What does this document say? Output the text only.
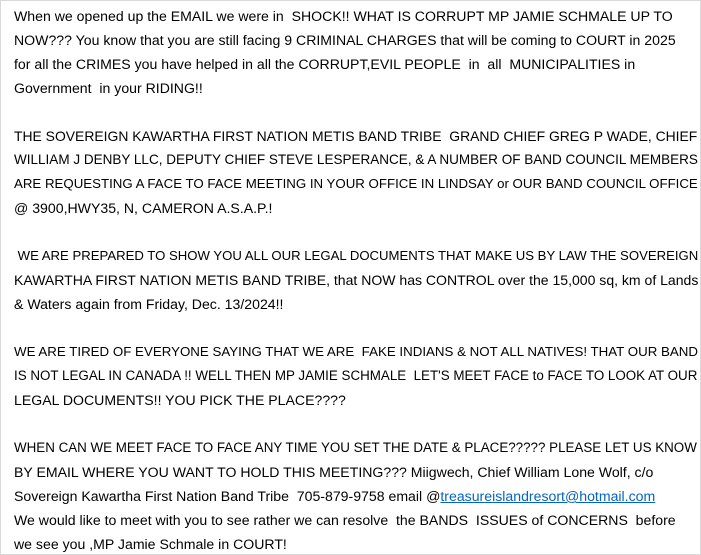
When we opened up the EMAIL we were in  SHOCK!! WHAT IS CORRUPT MP JAMIE SCHMALE UP TO
NOW??? You know that you are still facing 9 CRIMINAL CHARGES that will be coming to COURT in 2025
for all the CRIMES you have helped in all the CORRUPT,EVIL PEOPLE  in  all  MUNICIPALITIES in
Government  in your RIDING!!
THE SOVEREIGN KAWARTHA FIRST NATION METIS BAND TRIBE  GRAND CHIEF GREG P WADE, CHIEF
WILLIAM J DENBY LLC, DEPUTY CHIEF STEVE LESPERANCE, & A NUMBER OF BAND COUNCIL MEMBERS
ARE REQUESTING A FACE TO FACE MEETING IN YOUR OFFICE IN LINDSAY or OUR BAND COUNCIL OFFICE
@ 3900,HWY35, N, CAMERON A.S.A.P.!
WE ARE PREPARED TO SHOW YOU ALL OUR LEGAL DOCUMENTS THAT MAKE US BY LAW THE SOVEREIGN
KAWARTHA FIRST NATION METIS BAND TRIBE, that NOW has CONTROL over the 15,000 sq, km of Lands
& Waters again from Friday, Dec. 13/2024!!
WE ARE TIRED OF EVERYONE SAYING THAT WE ARE  FAKE INDIANS & NOT ALL NATIVES! THAT OUR BAND
IS NOT LEGAL IN CANADA !! WELL THEN MP JAMIE SCHMALE  LET'S MEET FACE to FACE TO LOOK AT OUR
LEGAL DOCUMENTS!! YOU PICK THE PLACE????
WHEN CAN WE MEET FACE TO FACE ANY TIME YOU SET THE DATE & PLACE????? PLEASE LET US KNOW
BY EMAIL WHERE YOU WANT TO HOLD THIS MEETING??? Miigwech, Chief William Lone Wolf, c/o
Sovereign Kawartha First Nation Band Tribe  705-879-9758 email @treasureislandresort@hotmail.com
We would like to meet with you to see rather we can resolve  the BANDS  ISSUES of CONCERNS  before
we see you ,MP Jamie Schmale in COURT!
